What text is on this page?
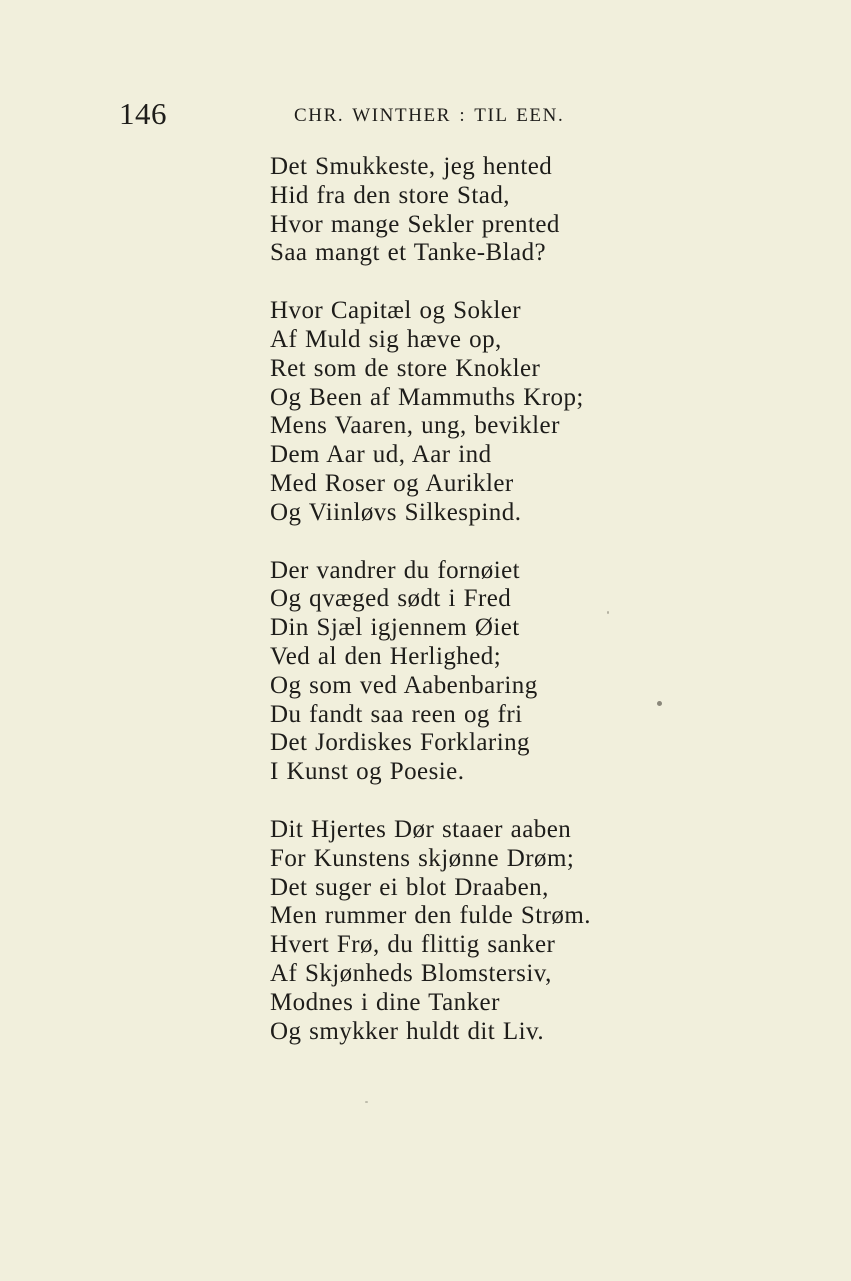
146	CHR. WINTHER : TIL EEN.
Det Smukkeste, jeg hented
Hid fra den store Stad,
Hvor mange Sekler prented
Saa mangt et Tanke-Blad?
Hvor Capitæl og Sokler
Af Muld sig hæve op,
Ret som de store Knokler
Og Been af Mammuths Krop;
Mens Vaaren, ung, bevikler
Dem Aar ud, Aar ind
Med Roser og Aurikler
Og Viinløvs Silkespind.
Der vandrer du fornøiet
Og qvæged sødt i Fred
Din Sjæl igjennem Øiet
Ved al den Herlighed;
Og som ved Aabenbaring
Du fandt saa reen og fri
Det Jordiskes Forklaring
I Kunst og Poesie.
Dit Hjertes Dør staaer aaben
For Kunstens skjønne Drøm;
Det suger ei blot Draaben,
Men rummer den fulde Strøm.
Hvert Frø, du flittig sanker
Af Skjønheds Blomstersiv,
Modnes i dine Tanker
Og smykker huldt dit Liv.
